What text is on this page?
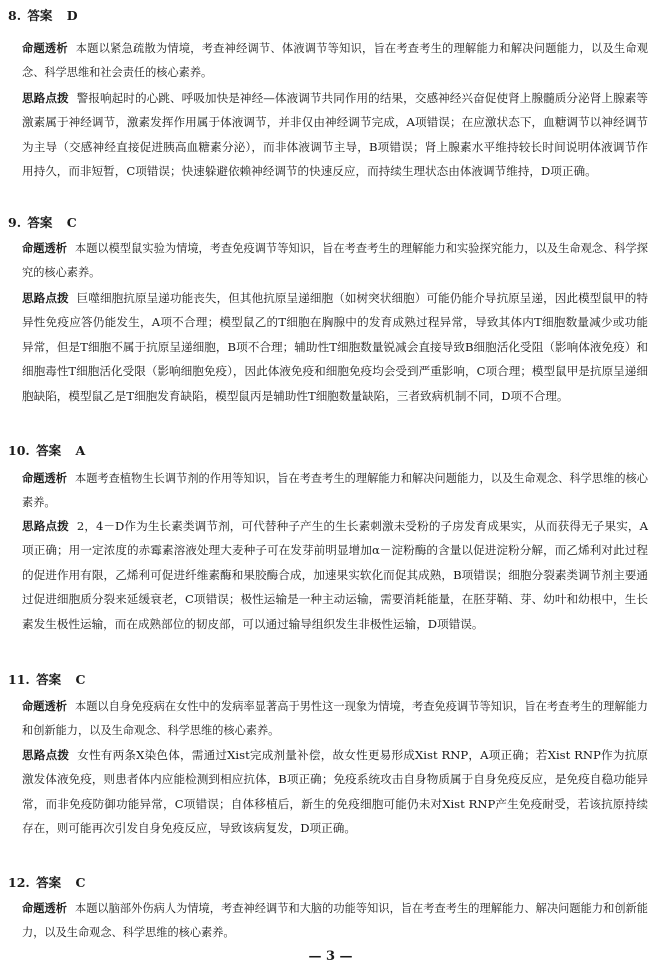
8. 答案 D
命题透析 本题以紧急疏散为情境，考查神经调节、体液调节等知识，旨在考查考生的理解能力和解决问题能力，以及生命观念、科学思维和社会责任的核心素养。
思路点拨 警报响起时的心跳、呼吸加快是神经—体液调节共同作用的结果，交感神经兴奋促使肾上腺髓质分泌肾上腺素等激素属于神经调节，激素发挥作用属于体液调节，并非仅由神经调节完成，A项错误；在应激状态下，血糖调节以神经调节为主导（交感神经直接促进胰高血糖素分泌），而非体液调节主导，B项错误；肾上腺素水平维持较长时间说明体液调节作用持久，而非短暂，C项错误；快速躲避依赖神经调节的快速反应，而持续生理状态由体液调节维持，D项正确。
9. 答案 C
命题透析 本题以模型鼠实验为情境，考查免疫调节等知识，旨在考查考生的理解能力和实验探究能力，以及生命观念、科学探究的核心素养。
思路点拨 巨噬细胞抗原呈递功能丧失，但其他抗原呈递细胞（如树突状细胞）可能仍能介导抗原呈递，因此模型鼠甲的特异性免疫应答仍能发生，A项不合理；模型鼠乙的T细胞在胸腺中的发育成熟过程异常，导致其体内T细胞数量减少或功能异常，但是T细胞不属于抗原呈递细胞，B项不合理；辅助性T细胞数量锐减会直接导致B细胞活化受阻（影响体液免疫）和细胞毒性T细胞活化受限（影响细胞免疫），因此体液免疫和细胞免疫均会受到严重影响，C项合理；模型鼠甲是抗原呈递细胞缺陷，模型鼠乙是T细胞发育缺陷，模型鼠丙是辅助性T细胞数量缺陷，三者致病机制不同，D项不合理。
10. 答案 A
命题透析 本题考查植物生长调节剂的作用等知识，旨在考查考生的理解能力和解决问题能力，以及生命观念、科学思维的核心素养。
思路点拨 2，4－D作为生长素类调节剂，可代替种子产生的生长素刺激未受粉的子房发育成果实，从而获得无子果实，A项正确；用一定浓度的赤霉素溶液处理大麦种子可在发芽前明显增加α－淀粉酶的含量以促进淀粉分解，而乙烯利对此过程的促进作用有限，乙烯利可促进纤维素酶和果胶酶合成，加速果实软化而促其成熟，B项错误；细胞分裂素类调节剂主要通过促进细胞质分裂来延缓衰老，C项错误；极性运输是一种主动运输，需要消耗能量，在胚芽鞘、芽、幼叶和幼根中，生长素发生极性运输，而在成熟部位的韧皮部，可以通过输导组织发生非极性运输，D项错误。
11. 答案 C
命题透析 本题以自身免疫病在女性中的发病率显著高于男性这一现象为情境，考查免疫调节等知识，旨在考查考生的理解能力和创新能力，以及生命观念、科学思维的核心素养。
思路点拨 女性有两条X染色体，需通过Xist完成剂量补偿，故女性更易形成Xist RNP，A项正确；若Xist RNP作为抗原激发体液免疫，则患者体内应能检测到相应抗体，B项正确；免疫系统攻击自身物质属于自身免疫反应，是免疫自稳功能异常，而非免疫防御功能异常，C项错误；自体移植后，新生的免疫细胞可能仍未对Xist RNP产生免疫耐受，若该抗原持续存在，则可能再次引发自身免疫反应，导致该病复发，D项正确。
12. 答案 C
命题透析 本题以脑部外伤病人为情境，考查神经调节和大脑的功能等知识，旨在考查考生的理解能力、解决问题能力和创新能力，以及生命观念、科学思维的核心素养。
— 3 —
